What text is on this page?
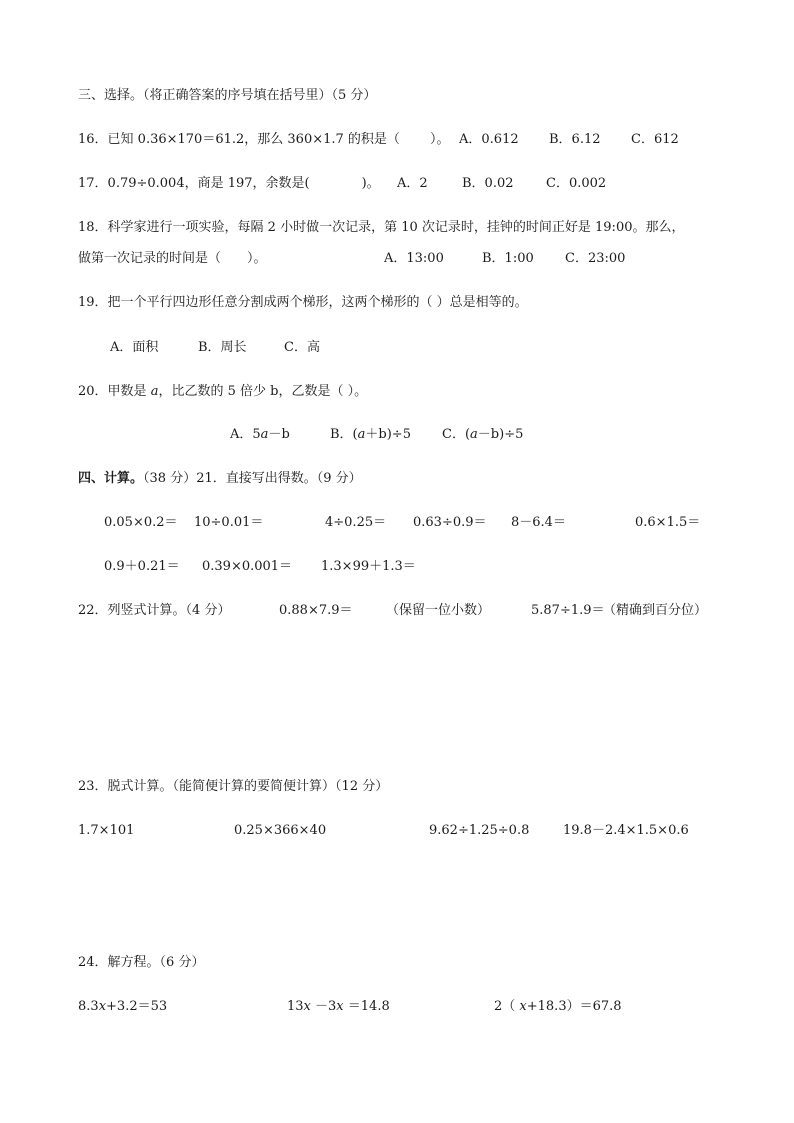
三、选择。（将正确答案的序号填在括号里）（5 分）
16．已知 0.36×170＝61.2，那么 360×1.7 的积是（　　 ）。 A．0.612 B．6.12 C．612
17．0.79÷0.004，商是 197，余数是(　　　　)。 A．2	B．0.02	C．0.002
18．科学家进行一项实验，每隔 2 小时做一次记录，第 10 次记录时，挂钟的时间正好是 19:00。那么，
做第一次记录的时间是（　　）。	A．13:00	B．1:00 C．23:00
19．把一个平行四边形任意分割成两个梯形，这两个梯形的（ ）总是相等的。
A．面积	B．周长	C．高
20．甲数是 a，比乙数的 5 倍少 b，乙数是（ ）。
A．5a－b	B．(a＋b)÷5 C．(a－b)÷5
四、计算。（38 分）21．直接写出得数。（9 分）
0.05×0.2＝ 10÷0.01＝	4÷0.25＝ 0.63÷0.9＝ 8－6.4＝	0.6×1.5＝
0.9＋0.21＝ 0.39×0.001＝ 1.3×99＋1.3＝
22．列竖式计算。（4 分）	0.88×7.9＝	（保留一位小数）	5.87÷1.9＝
（精确到百分位）
23．脱式计算。（能简便计算的要简便计算）（12 分）
1.7×101	0.25×366×40	9.62÷1.25÷0.8	19.8－2.4×1.5×0.6
24．解方程。（6 分）
8.3x+3.2＝53	13x －3x ＝14.8	2（ x+18.3）＝67.8
